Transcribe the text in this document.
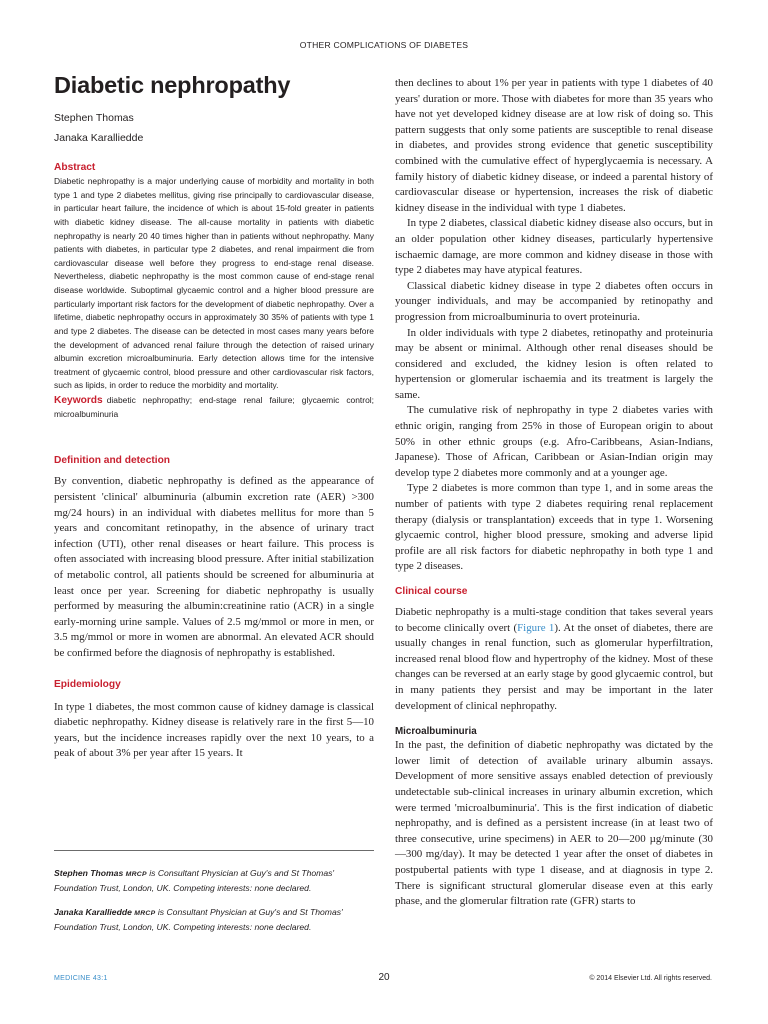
OTHER COMPLICATIONS OF DIABETES
Diabetic nephropathy

Stephen Thomas

Janaka Karalliedde

Abstract

Diabetic nephropathy is a major underlying cause of morbidity and mortality in both type 1 and type 2 diabetes mellitus, giving rise principally to cardiovascular disease, in particular heart failure, the incidence of which is about 15-fold greater in patients with diabetic kidney disease. The all-cause mortality in patients with diabetic nephropathy is nearly 20 40 times higher than in patients without nephropathy. Many patients with diabetes, in particular type 2 diabetes, and renal impairment die from cardiovascular disease well before they progress to end-stage renal disease. Nevertheless, diabetic nephropathy is the most common cause of end-stage renal disease worldwide. Suboptimal glycaemic control and a higher blood pressure are particularly important risk factors for the development of diabetic nephropathy. Over a lifetime, diabetic nephropathy occurs in approximately 30 35% of patients with type 1 and type 2 diabetes. The disease can be detected in most cases many years before the development of advanced renal failure through the detection of raised urinary albumin excretion microalbuminuria. Early detection allows time for the intensive treatment of glycaemic control, blood pressure and other cardiovascular risk factors, such as lipids, in order to reduce the morbidity and mortality.

Keywords diabetic nephropathy; end-stage renal failure; glycaemic control; microalbuminuria

Definition and detection

By convention, diabetic nephropathy is defined as the appearance of persistent 'clinical' albuminuria (albumin excretion rate (AER) >300 mg/24 hours) in an individual with diabetes mellitus for more than 5 years and concomitant retinopathy, in the absence of urinary tract infection (UTI), other renal diseases or heart failure. This process is often associated with increasing blood pressure. After initial stabilization of metabolic control, all patients should be screened for albuminuria at least once per year. Screening for diabetic nephropathy is usually performed by measuring the albumin:creatinine ratio (ACR) in a single early-morning urine sample. Values of 2.5 mg/mmol or more in men, or 3.5 mg/mmol or more in women are abnormal. An elevated ACR should be confirmed before the diagnosis of nephropathy is established.

Epidemiology

In type 1 diabetes, the most common cause of kidney damage is classical diabetic nephropathy. Kidney disease is relatively rare in the first 5—10 years, but the incidence increases rapidly over the next 10 years, to a peak of about 3% per year after 15 years. It

Stephen Thomas MRCP is Consultant Physician at Guy's and St Thomas' Foundation Trust, London, UK. Competing interests: none declared.
Janaka Karalliedde MRCP is Consultant Physician at Guy's and St Thomas' Foundation Trust, London, UK. Competing interests: none declared.

then declines to about 1% per year in patients with type 1 diabetes of 40 years' duration or more. Those with diabetes for more than 35 years who have not yet developed kidney disease are at low risk of doing so. This pattern suggests that only some patients are susceptible to renal disease in diabetes, and provides strong evidence that genetic susceptibility combined with the cumulative effect of hyperglycaemia is necessary. A family history of diabetic kidney disease, or indeed a parental history of cardiovascular disease or hypertension, increases the risk of diabetic kidney disease in the individual with type 1 diabetes.

In type 2 diabetes, classical diabetic kidney disease also occurs, but in an older population other kidney diseases, particularly hypertensive ischaemic damage, are more common and kidney disease in those with type 2 diabetes may have atypical features.

Classical diabetic kidney disease in type 2 diabetes often occurs in younger individuals, and may be accompanied by retinopathy and progression from microalbuminuria to overt proteinuria.

In older individuals with type 2 diabetes, retinopathy and proteinuria may be absent or minimal. Although other renal diseases should be considered and excluded, the kidney lesion is often related to hypertension or glomerular ischaemia and its treatment is largely the same.

The cumulative risk of nephropathy in type 2 diabetes varies with ethnic origin, ranging from 25% in those of European origin to about 50% in other ethnic groups (e.g. Afro-Caribbeans, Asian-Indians, Japanese). Those of African, Caribbean or Asian-Indian origin may develop type 2 diabetes more commonly and at a younger age.

Type 2 diabetes is more common than type 1, and in some areas the number of patients with type 2 diabetes requiring renal replacement therapy (dialysis or transplantation) exceeds that in type 1. Worsening glycaemic control, higher blood pressure, smoking and adverse lipid profile are all risk factors for diabetic nephropathy in both type 1 and type 2 diseases.

Clinical course

Diabetic nephropathy is a multi-stage condition that takes several years to become clinically overt (Figure 1). At the onset of diabetes, there are usually changes in renal function, such as glomerular hyperfiltration, increased renal blood flow and hypertrophy of the kidney. Most of these changes can be reversed at an early stage by good glycaemic control, but in many patients they persist and may be important in the later development of clinical nephropathy.

Microalbuminuria

In the past, the definition of diabetic nephropathy was dictated by the lower limit of detection of available urinary albumin assays. Development of more sensitive assays enabled detection of previously undetectable sub-clinical increases in urinary albumin excretion, which were termed 'microalbuminuria'. This is the first indication of diabetic nephropathy, and is defined as a persistent increase (in at least two of three consecutive, urine specimens) in AER to 20—200 µg/minute (30—300 mg/day). It may be detected 1 year after the onset of diabetes in postpubertal patients with type 1 disease, and at diagnosis in type 2. There is significant structural glomerular disease even at this early phase, and the glomerular filtration rate (GFR) starts to

MEDICINE 43:1	20	© 2014 Elsevier Ltd. All rights reserved.
